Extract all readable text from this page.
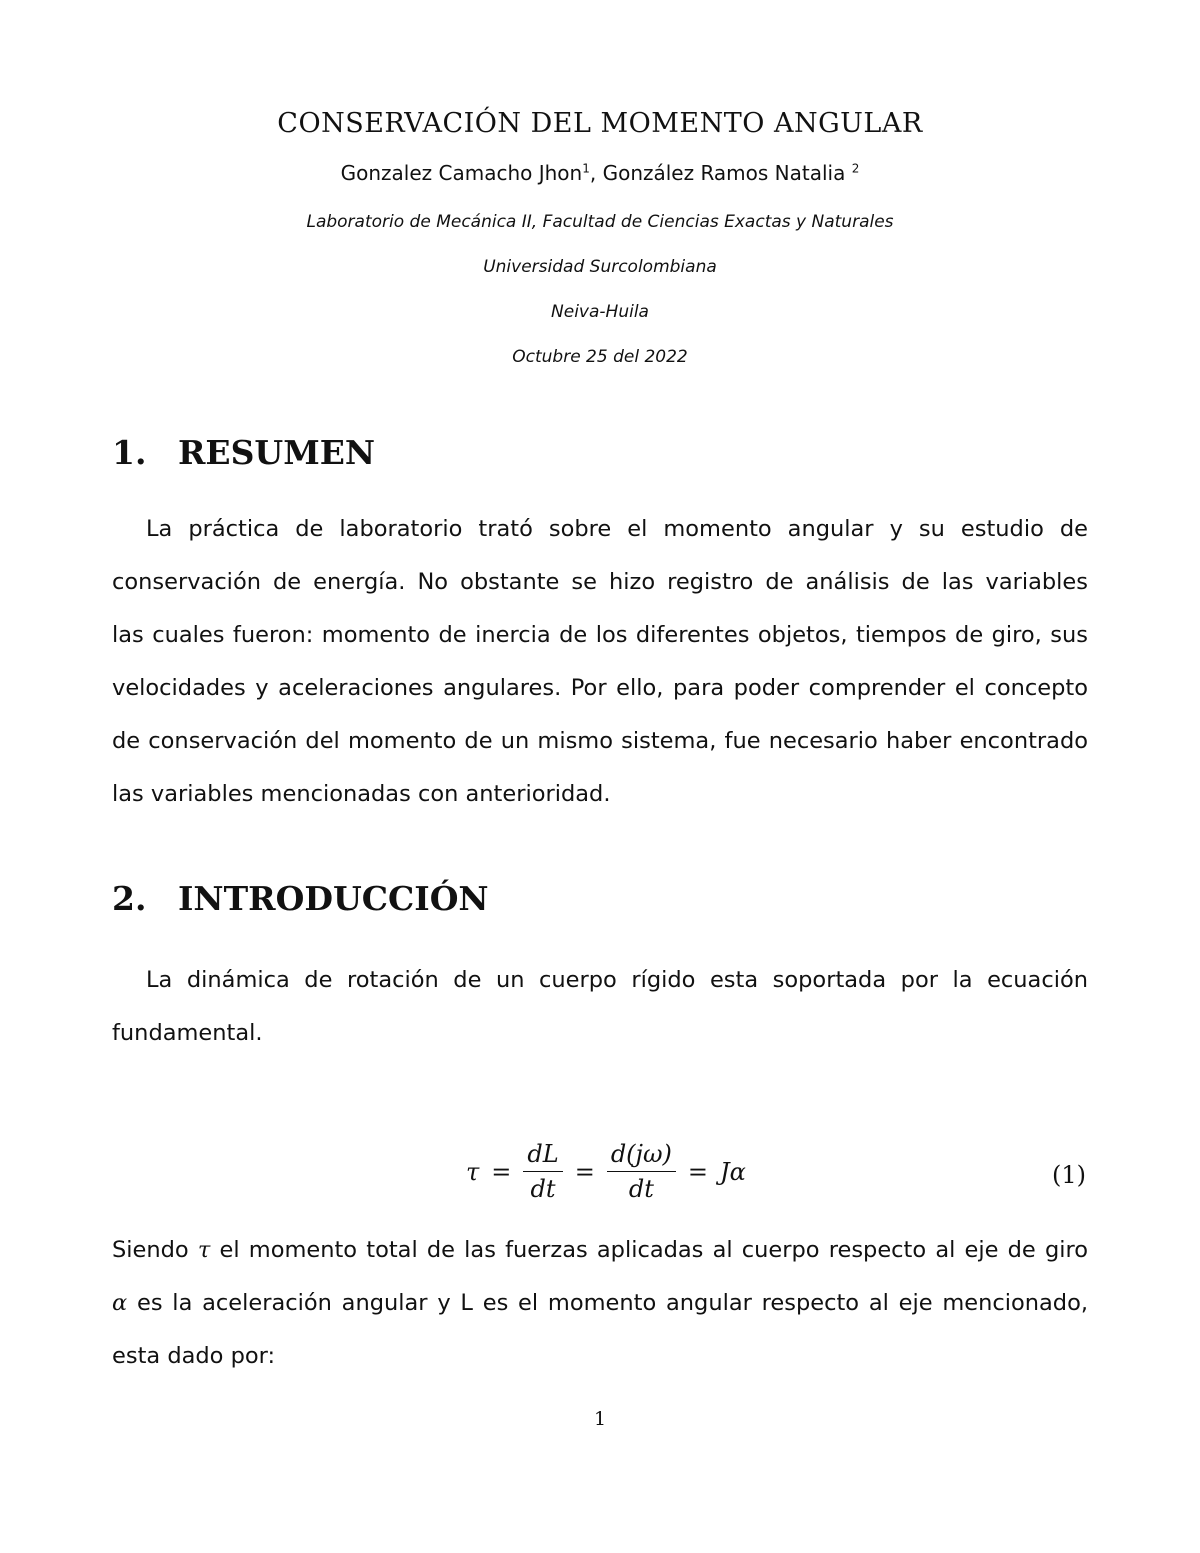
CONSERVACIÓN DEL MOMENTO ANGULAR
Gonzalez Camacho Jhon$^1$, González Ramos Natalia $^2$
Laboratorio de Mecánica II, Facultad de Ciencias Exactas y Naturales
Universidad Surcolombiana
Neiva-Huila
Octubre 25 del 2022
1. RESUMEN
La práctica de laboratorio trató sobre el momento angular y su estudio de
conservación de energía. No obstante se hizo registro de análisis de las variables
las cuales fueron: momento de inercia de los diferentes objetos, tiempos de giro, sus
velocidades y aceleraciones angulares. Por ello, para poder comprender el concepto
de conservación del momento de un mismo sistema, fue necesario haber encontrado
las variables mencionadas con anterioridad.
2. INTRODUCCIÓN
La dinámica de rotación de un cuerpo rígido esta soportada por la ecuación
fundamental.
$\tau = \frac{dL}{dt} = \frac{d(j\omega)}{dt} = J\alpha$	(1)
Siendo τ el momento total de las fuerzas aplicadas al cuerpo respecto al eje de giro
α es la aceleración angular y L es el momento angular respecto al eje mencionado,
esta dado por:
1
